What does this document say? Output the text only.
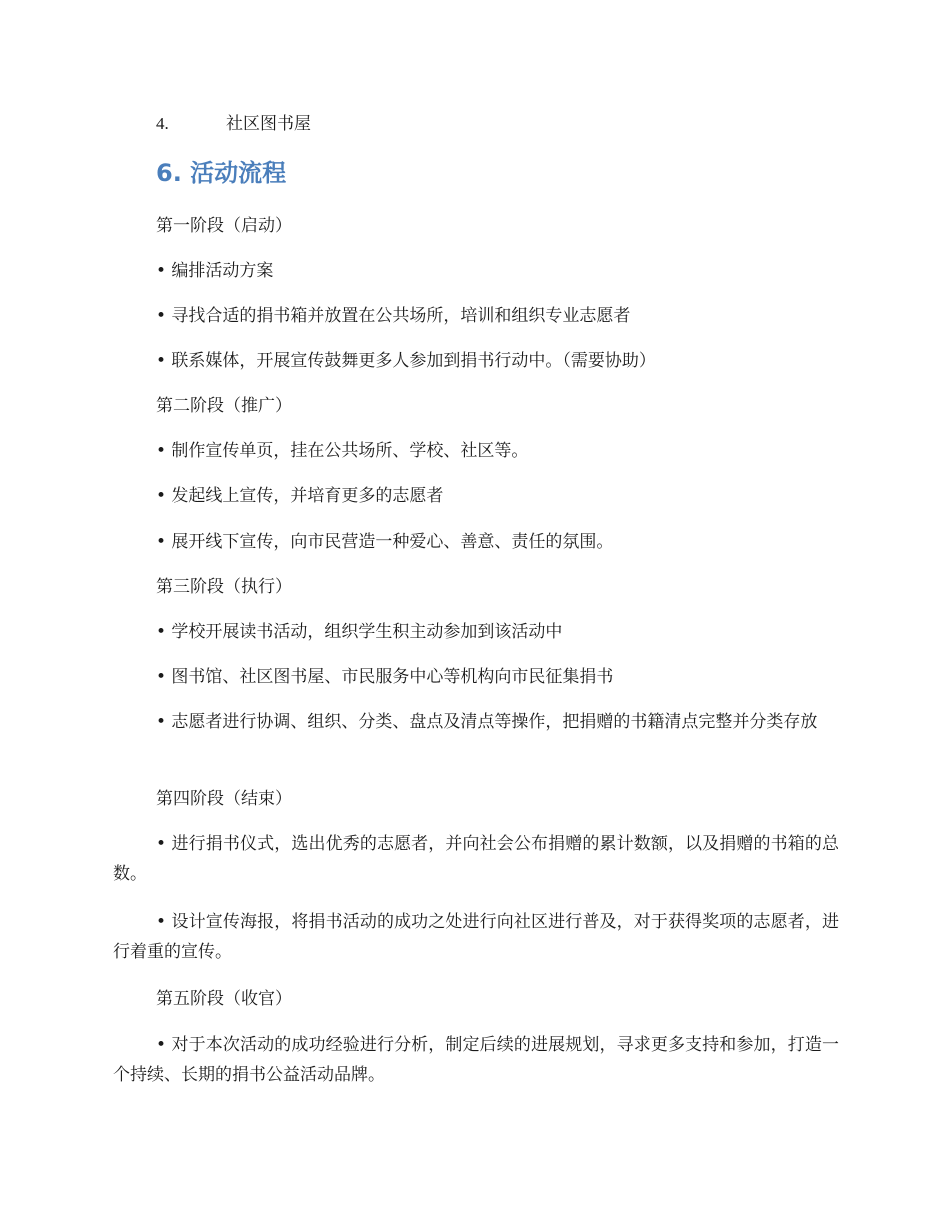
4.	社区图书屋
6. 活动流程
第一阶段（启动）
• 编排活动方案
• 寻找合适的捐书箱并放置在公共场所，培训和组织专业志愿者
• 联系媒体，开展宣传鼓舞更多人参加到捐书行动中。（需要协助）
第二阶段（推广）
• 制作宣传单页，挂在公共场所、学校、社区等。
• 发起线上宣传，并培育更多的志愿者
• 展开线下宣传，向市民营造一种爱心、善意、责任的氛围。
第三阶段（执行）
• 学校开展读书活动，组织学生积主动参加到该活动中
• 图书馆、社区图书屋、市民服务中心等机构向市民征集捐书
• 志愿者进行协调、组织、分类、盘点及清点等操作，把捐赠的书籍清点完整并分类存放
第四阶段（结束）
• 进行捐书仪式，选出优秀的志愿者，并向社会公布捐赠的累计数额，以及捐赠的书箱的总数。
• 设计宣传海报，将捐书活动的成功之处进行向社区进行普及，对于获得奖项的志愿者，进行着重的宣传。
第五阶段（收官）
• 对于本次活动的成功经验进行分析，制定后续的进展规划，寻求更多支持和参加，打造一个持续、长期的捐书公益活动品牌。
